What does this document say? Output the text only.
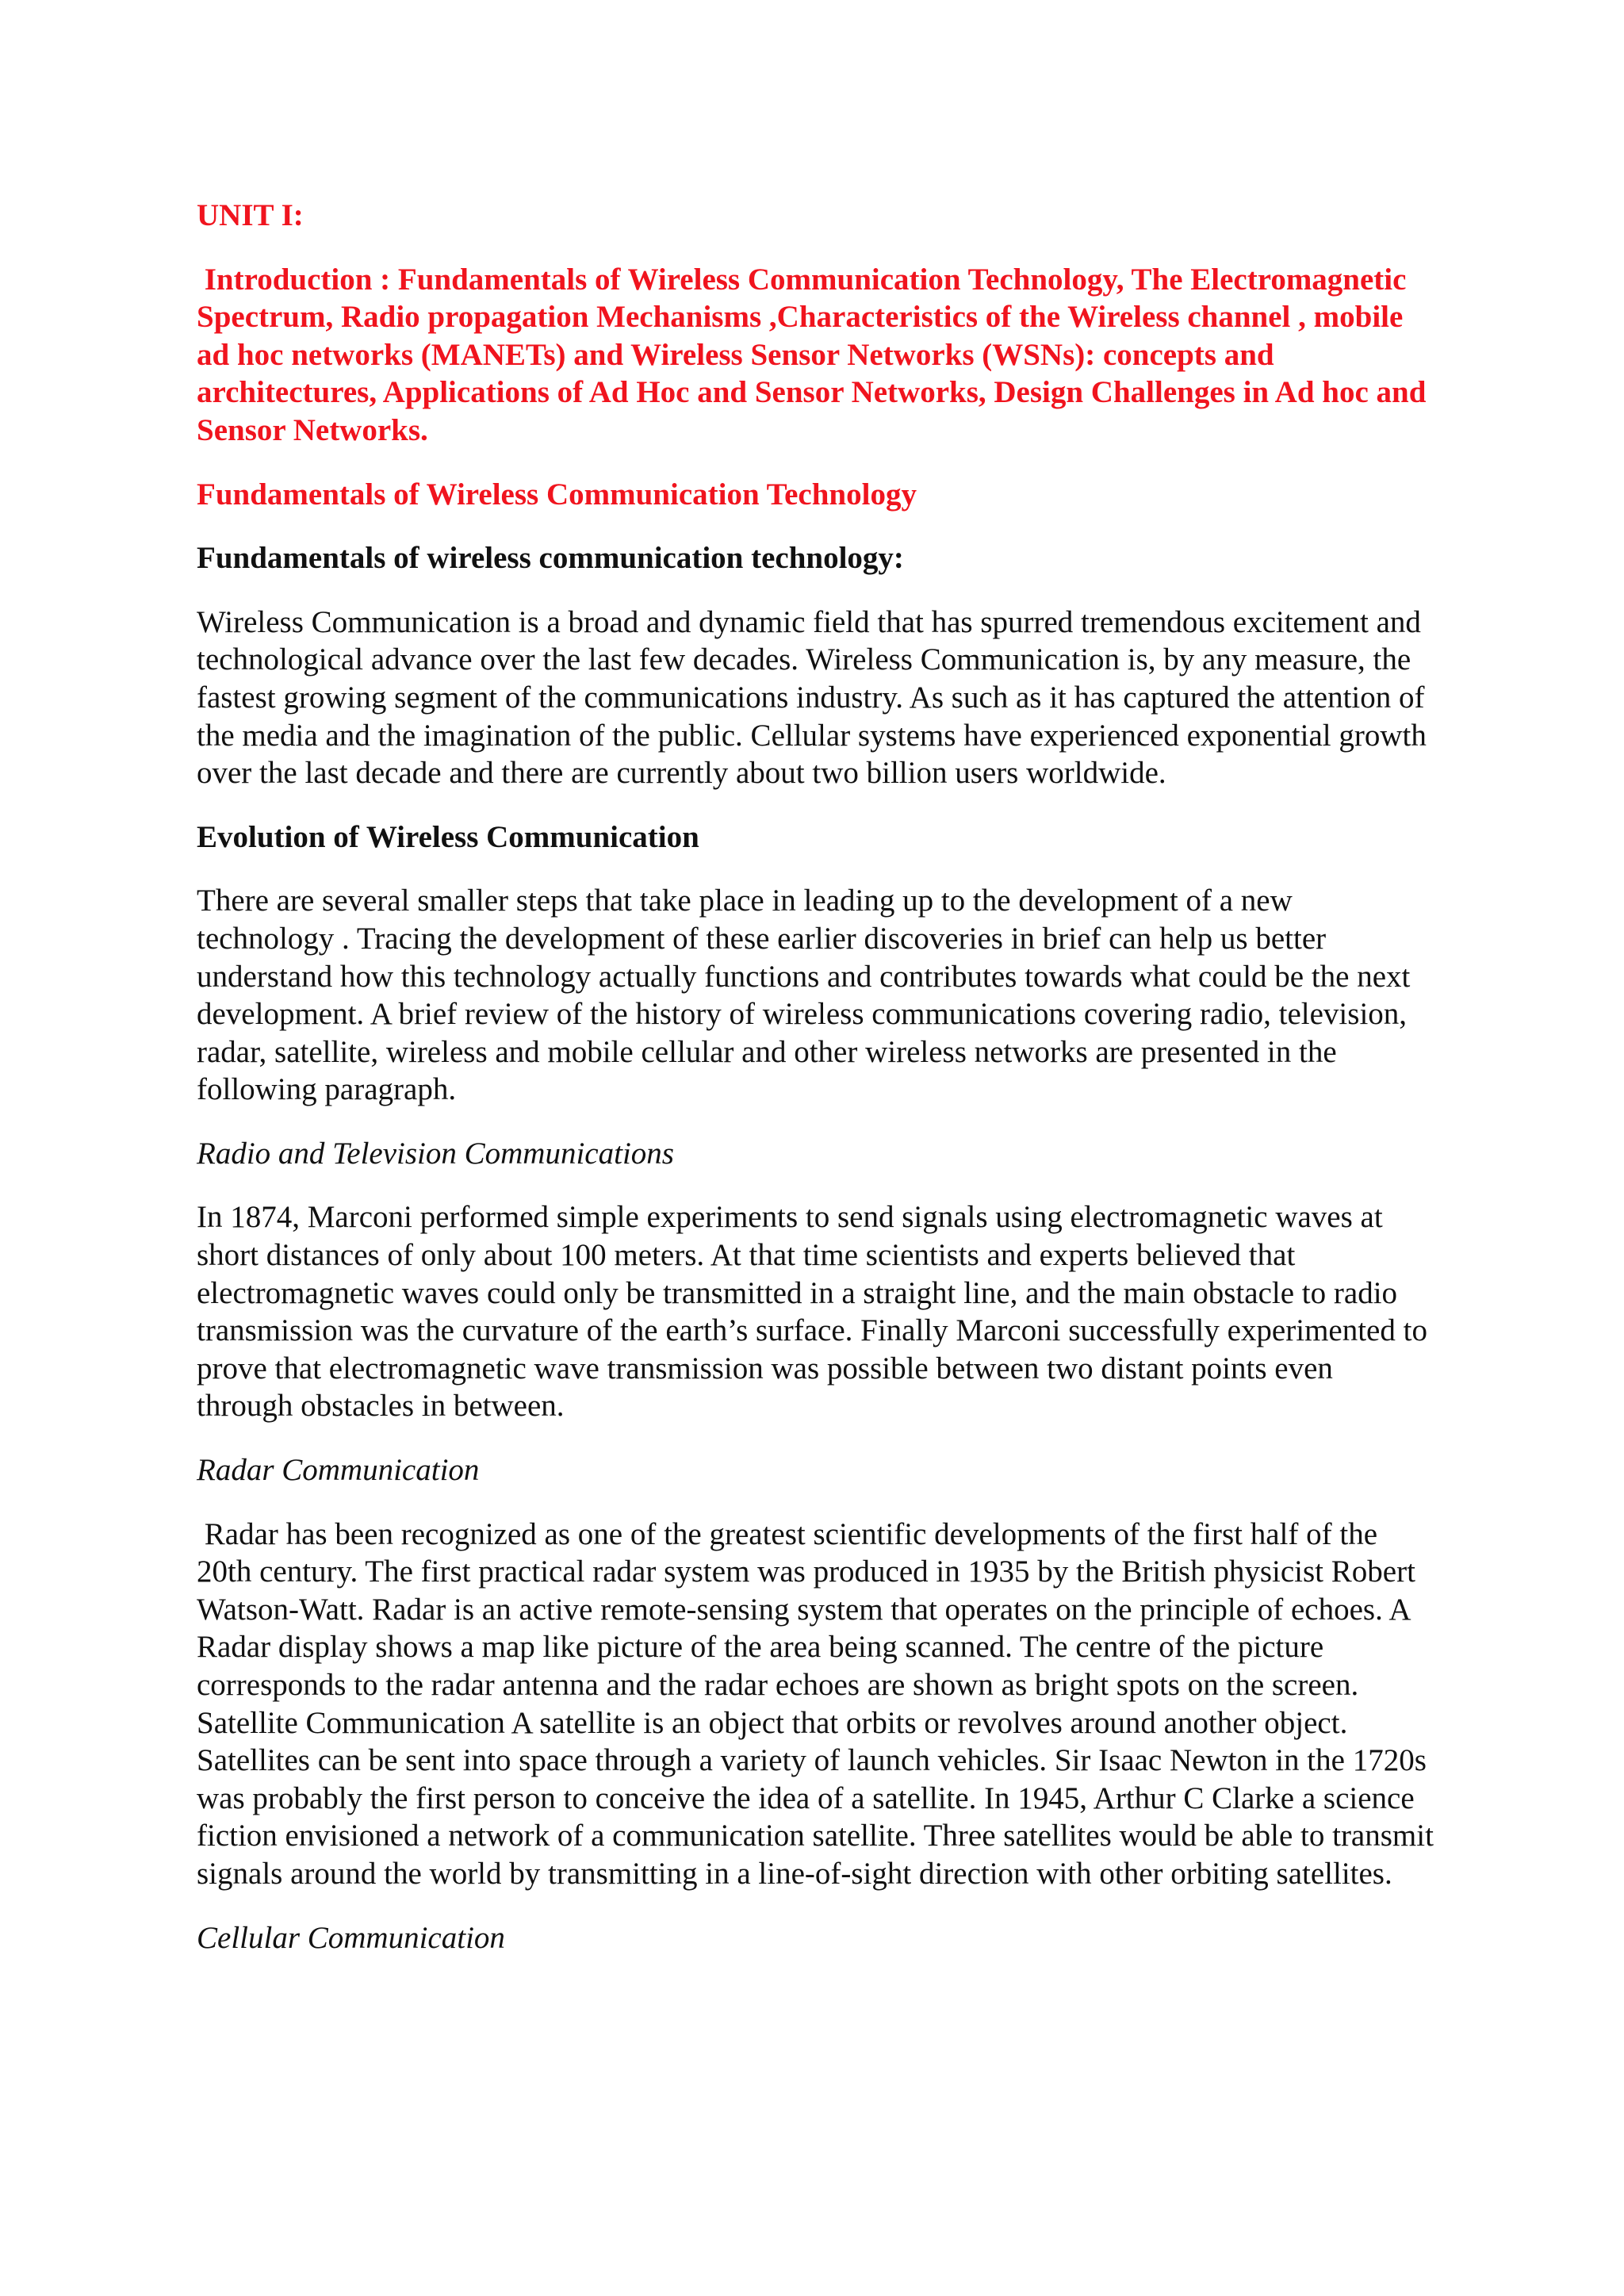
UNIT I:
Introduction : Fundamentals of Wireless Communication Technology, The Electromagnetic Spectrum, Radio propagation Mechanisms ,Characteristics of the Wireless channel , mobile ad hoc networks (MANETs) and Wireless Sensor Networks (WSNs): concepts and architectures, Applications of Ad Hoc and Sensor Networks, Design Challenges in Ad hoc and Sensor Networks.
Fundamentals of Wireless Communication Technology
Fundamentals of wireless communication technology:

Wireless Communication is a broad and dynamic field that has spurred tremendous excitement and technological advance over the last few decades. Wireless Communication is, by any measure, the fastest growing segment of the communications industry. As such as it has captured the attention of the media and the imagination of the public. Cellular systems have experienced exponential growth over the last decade and there are currently about two billion users worldwide.

Evolution of Wireless Communication

There are several smaller steps that take place in leading up to the development of a new technology . Tracing the development of these earlier discoveries in brief can help us better understand how this technology actually functions and contributes towards what could be the next development. A brief review of the history of wireless communications covering radio, television, radar, satellite, wireless and mobile cellular and other wireless networks are presented in the following paragraph.

Radio and Television Communications

In 1874, Marconi performed simple experiments to send signals using electromagnetic waves at short distances of only about 100 meters. At that time scientists and experts believed that electromagnetic waves could only be transmitted in a straight line, and the main obstacle to radio transmission was the curvature of the earth’s surface. Finally Marconi successfully experimented to prove that electromagnetic wave transmission was possible between two distant points even through obstacles in between.

Radar Communication

Radar has been recognized as one of the greatest scientific developments of the first half of the 20th century. The first practical radar system was produced in 1935 by the British physicist Robert Watson-Watt. Radar is an active remote-sensing system that operates on the principle of echoes. A Radar display shows a map like picture of the area being scanned. The centre of the picture corresponds to the radar antenna and the radar echoes are shown as bright spots on the screen. Satellite Communication A satellite is an object that orbits or revolves around another object. Satellites can be sent into space through a variety of launch vehicles. Sir Isaac Newton in the 1720s was probably the first person to conceive the idea of a satellite. In 1945, Arthur C Clarke a science fiction envisioned a network of a communication satellite. Three satellites would be able to transmit signals around the world by transmitting in a line-of-sight direction with other orbiting satellites.

Cellular Communication
